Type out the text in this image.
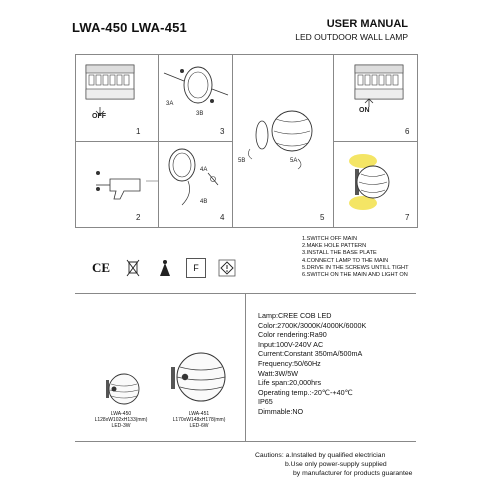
LWA-450 LWA-451	USER MANUAL
LED OUTDOOR WALL LAMP
OFF
1
2
3A
3B
3
4A
4B
4
5B	5A
5
ON
6
7
1.SWITCH OFF MAIN
2.MAKE HOLE PATTERN
3.INSTALL THE BASE PLATE
4.CONNECT LAMP TO THE MAIN
5.DRIVE IN THE SCREWS UNTILL TIGHT
6.SWITCH ON THE MAIN AND LIGHT ON
CE	F
LWA-450
L128xW102xH133(mm)
LED-3W
LWA-451
L170xW148xH178(mm)
LED-6W
Lamp:CREE COB LED
Color:2700K/3000K/4000K/6000K
Color rendering:Ra90
Input:100V-240V AC
Current:Constant 350mA/500mA
Frequency:50/60Hz
Watt:3W/5W
Life span:20,000hrs
Operating temp.:-20℃-+40℃
IP65
Dimmable:NO
Cautions: a.Installed by qualified electrician
b.Use only power-supply supplied
by manufacturer for products guarantee
